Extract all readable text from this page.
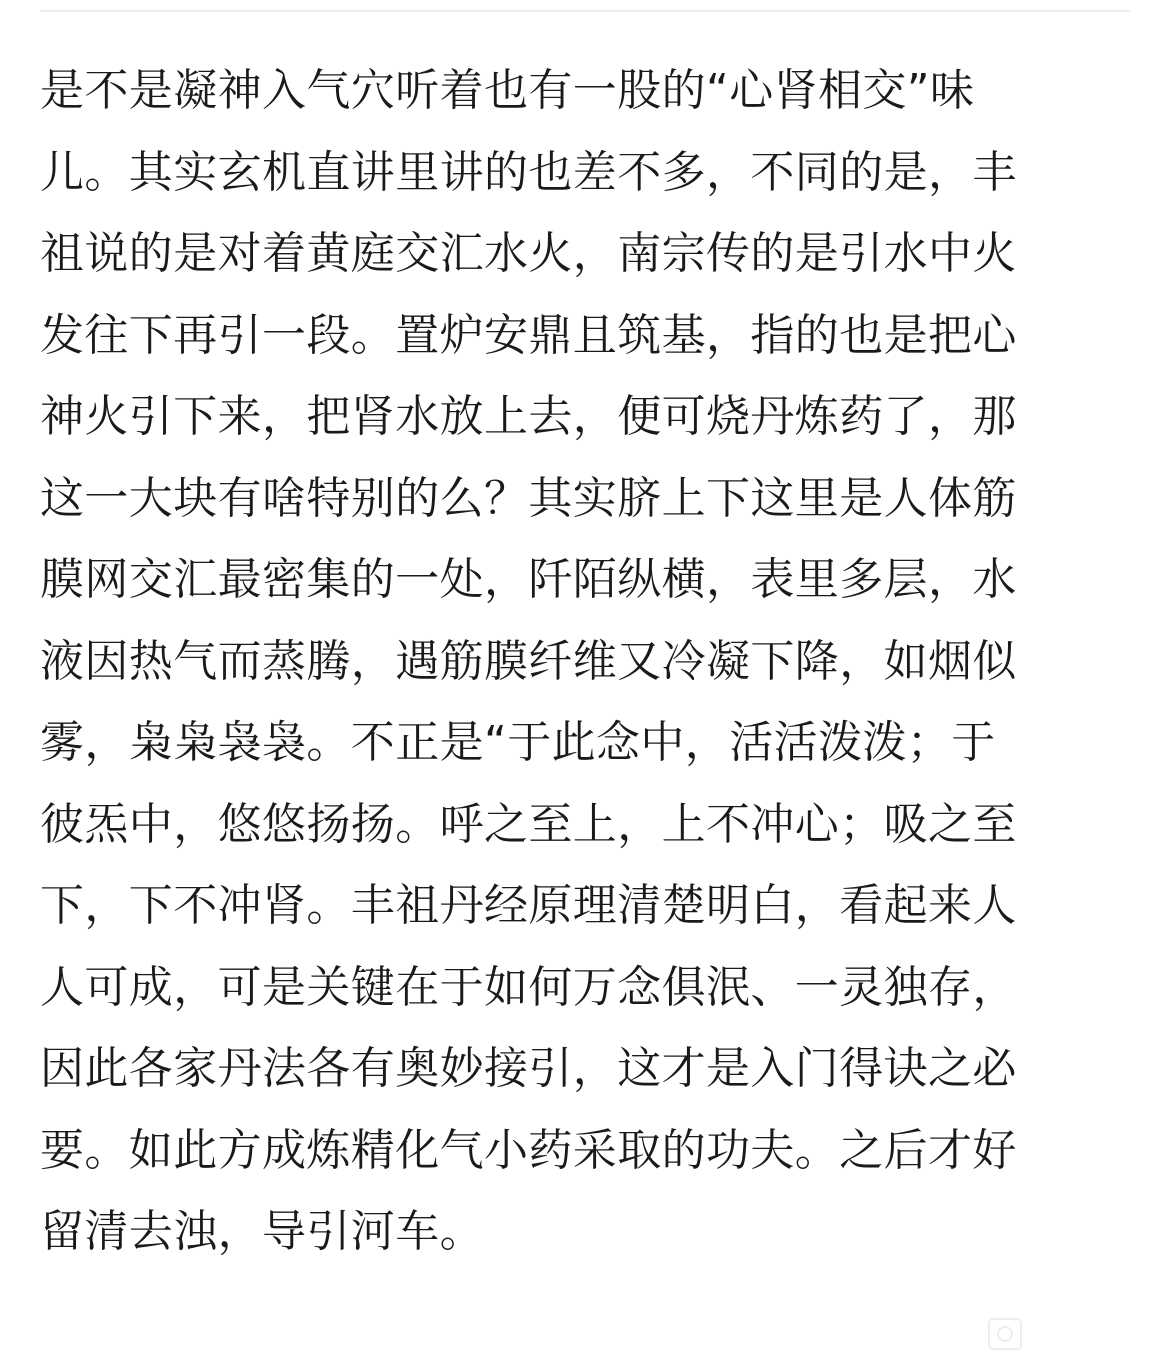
是不是凝神入气穴听着也有一股的“心肾相交”味
儿。其实玄机直讲里讲的也差不多，不同的是，丰
祖说的是对着黄庭交汇水火，南宗传的是引水中火
发往下再引一段。置炉安鼎且筑基，指的也是把心
神火引下来，把肾水放上去，便可烧丹炼药了，那
这一大块有啥特别的么？其实脐上下这里是人体筋
膜网交汇最密集的一处，阡陌纵横，表里多层，水
液因热气而蒸腾，遇筋膜纤维又冷凝下降，如烟似
雾，枭枭袅袅。不正是“于此念中，活活泼泼；于
彼炁中，悠悠扬扬。呼之至上，上不冲心；吸之至
下，下不冲肾。丰祖丹经原理清楚明白，看起来人
人可成，可是关键在于如何万念俱泯、一灵独存，
因此各家丹法各有奥妙接引，这才是入门得诀之必
要。如此方成炼精化气小药采取的功夫。之后才好
留清去浊，导引河车。
